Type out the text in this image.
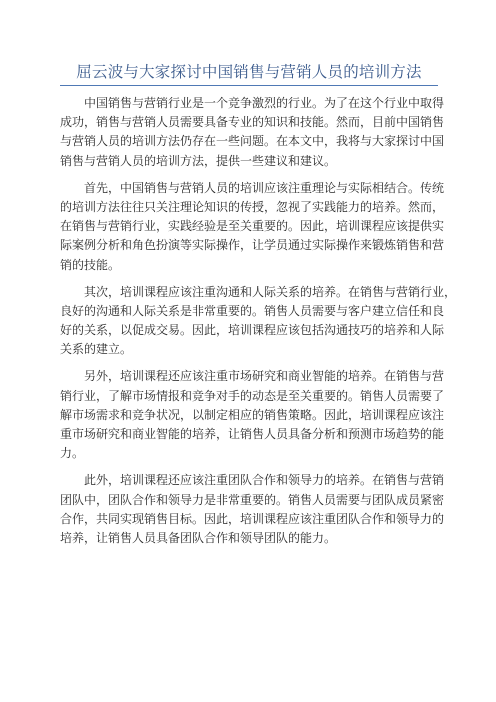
屈云波与大家探讨中国销售与营销人员的培训方法

中国销售与营销行业是一个竞争激烈的行业。为了在这个行业中取得
成功，销售与营销人员需要具备专业的知识和技能。然而，目前中国销售
与营销人员的培训方法仍存在一些问题。在本文中，我将与大家探讨中国
销售与营销人员的培训方法，提供一些建议和建议。

首先，中国销售与营销人员的培训应该注重理论与实际相结合。传统
的培训方法往往只关注理论知识的传授，忽视了实践能力的培养。然而，
在销售与营销行业，实践经验是至关重要的。因此，培训课程应该提供实
际案例分析和角色扮演等实际操作，让学员通过实际操作来锻炼销售和营
销的技能。

其次，培训课程应该注重沟通和人际关系的培养。在销售与营销行业，
良好的沟通和人际关系是非常重要的。销售人员需要与客户建立信任和良
好的关系，以促成交易。因此，培训课程应该包括沟通技巧的培养和人际
关系的建立。

另外，培训课程还应该注重市场研究和商业智能的培养。在销售与营
销行业，了解市场情报和竞争对手的动态是至关重要的。销售人员需要了
解市场需求和竞争状况，以制定相应的销售策略。因此，培训课程应该注
重市场研究和商业智能的培养，让销售人员具备分析和预测市场趋势的能
力。

此外，培训课程还应该注重团队合作和领导力的培养。在销售与营销
团队中，团队合作和领导力是非常重要的。销售人员需要与团队成员紧密
合作，共同实现销售目标。因此，培训课程应该注重团队合作和领导力的
培养，让销售人员具备团队合作和领导团队的能力。
